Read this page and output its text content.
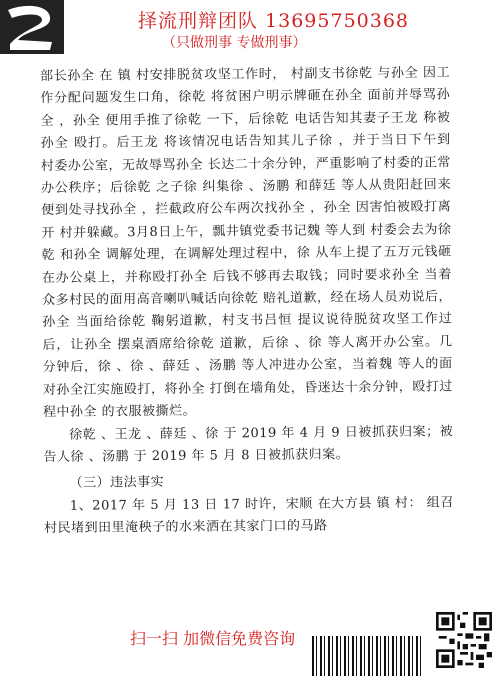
择流刑辩团队 13695750368
（只做刑事 专做刑事）

部长孙全 在 镇 村安排脱贫攻坚工作时， 村副支书徐乾 与孙全 因工作分配问题发生口角，徐乾 将贫困户明示牌砸在孙全 面前并辱骂孙全 ，孙全 便用手推了徐乾 一下，后徐乾 电话告知其妻子王龙 称被孙全 殴打。后王龙 将该情况电话告知其儿子徐 ，并于当日下午到 村委办公室，无故辱骂孙全 长达二十余分钟，严重影响了村委的正常办公秩序；后徐乾 之子徐 纠集徐 、汤鹏 和薛廷 等人从贵阳赶回来便到处寻找孙全 ，拦截政府公车两次找孙全 ，孙全 因害怕被殴打离开 村并躲藏。3月8日上午，瓢井镇党委书记魏 等人到 村委会去为徐乾 和孙全 调解处理，在调解处理过程中，徐 从车上提了五万元钱砸在办公桌上，并称殴打孙全 后钱不够再去取钱；同时要求孙全 当着众多村民的面用高音喇叭喊话向徐乾 赔礼道歉，经在场人员劝说后，孙全 当面给徐乾 鞠躬道歉，村支书吕恒 提议说待脱贫攻坚工作过后，让孙全 摆桌酒席给徐乾 道歉，后徐 、徐 等人离开办公室。几分钟后，徐 、徐 、薛廷 、汤鹏 等人冲进办公室，当着魏 等人的面对孙全江实施殴打，将孙全 打倒在墙角处，昏迷达十余分钟，殴打过程中孙全 的衣服被撕烂。

徐乾 、王龙 、薛廷 、徐 于 2019 年 4 月 9 日被抓获归案；被告人徐 、汤鹏 于 2019 年 5 月 8 日被抓获归案。

（三）违法事实

1、2017 年 5 月 13 日 17 时许，宋顺 在大方县 镇 村： 组召村民堵到田里淹秧子的水来洒在其家门口的马路

扫一扫 加微信免费咨询
